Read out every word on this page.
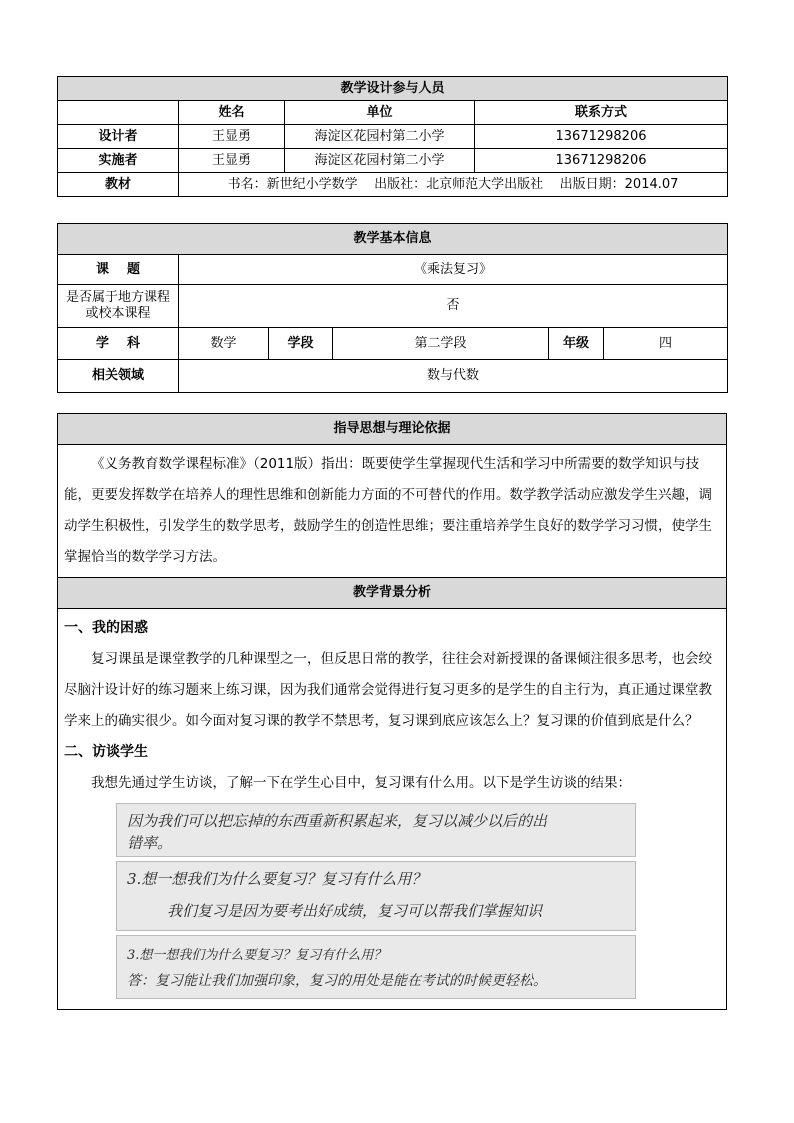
教学设计参与人员			
	姓名	单位	联系方式
设计者	王显勇	海淀区花园村第二小学	13671298206
实施者	王显勇	海淀区花园村第二小学	13671298206
教材	书名：新世纪小学数学    出版社：北京师范大学出版社    出版日期：2014.07		
教学基本信息					
课    题	《乘法复习》				
是否属于地方课程或校本课程	否				
学    科	数学	学段	第二学段	年级	四
相关领域	数与代数				
指导思想与理论依据
《义务教育数学课程标准》（2011版）指出：既要使学生掌握现代生活和学习中所需要的数学知识与技能，更要发挥数学在培养人的理性思维和创新能力方面的不可替代的作用。数学教学活动应激发学生兴趣，调动学生积极性，引发学生的数学思考，鼓励学生的创造性思维；要注重培养学生良好的数学学习习惯，使学生掌握恰当的数学学习方法。
教学背景分析

一、我的困惑
复习课虽是课堂教学的几种课型之一，但反思日常的教学，往往会对新授课的备课倾注很多思考，也会绞尽脑汁设计好的练习题来上练习课，因为我们通常会觉得进行复习更多的是学生的自主行为，真正通过课堂教学来上的确实很少。如今面对复习课的教学不禁思考，复习课到底应该怎么上？复习课的价值到底是什么？
二、访谈学生
我想先通过学生访谈，了解一下在学生心目中，复习课有什么用。以下是学生访谈的结果：
因为我们可以把忘掉的东西重新积累起来，复习以减少以后的出
错率。
3.想一想我们为什么要复习？复习有什么用？
我们复习是因为要考出好成绩，复习可以帮我们掌握知识
3.想一想我们为什么要复习？复习有什么用？
答：复习能让我们加强印象，复习的用处是能在考试的时候更轻松。
